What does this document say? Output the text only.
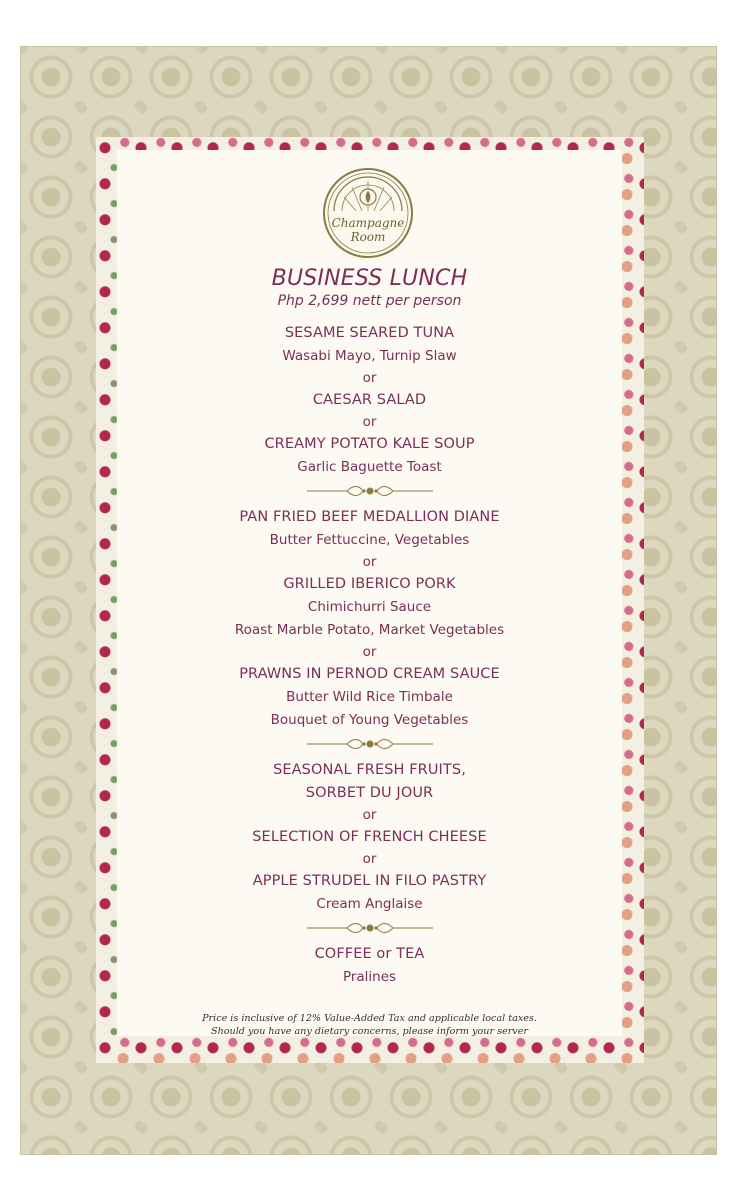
Champagne
Room

BUSINESS LUNCH

Php 2,699 nett per person

SESAME SEARED TUNA

Wasabi Mayo, Turnip Slaw

or

CAESAR SALAD

or

CREAMY POTATO KALE SOUP

Garlic Baguette Toast

PAN FRIED BEEF MEDALLION DIANE

Butter Fettuccine, Vegetables

or

GRILLED IBERICO PORK

Chimichurri Sauce

Roast Marble Potato, Market Vegetables

or

PRAWNS IN PERNOD CREAM SAUCE

Butter Wild Rice Timbale

Bouquet of Young Vegetables

SEASONAL FRESH FRUITS,

SORBET DU JOUR

or

SELECTION OF FRENCH CHEESE

or

APPLE STRUDEL IN FILO PASTRY

Cream Anglaise

COFFEE or TEA

Pralines

Price is inclusive of 12% Value-Added Tax and applicable local taxes.
Should you have any dietary concerns, please inform your server
